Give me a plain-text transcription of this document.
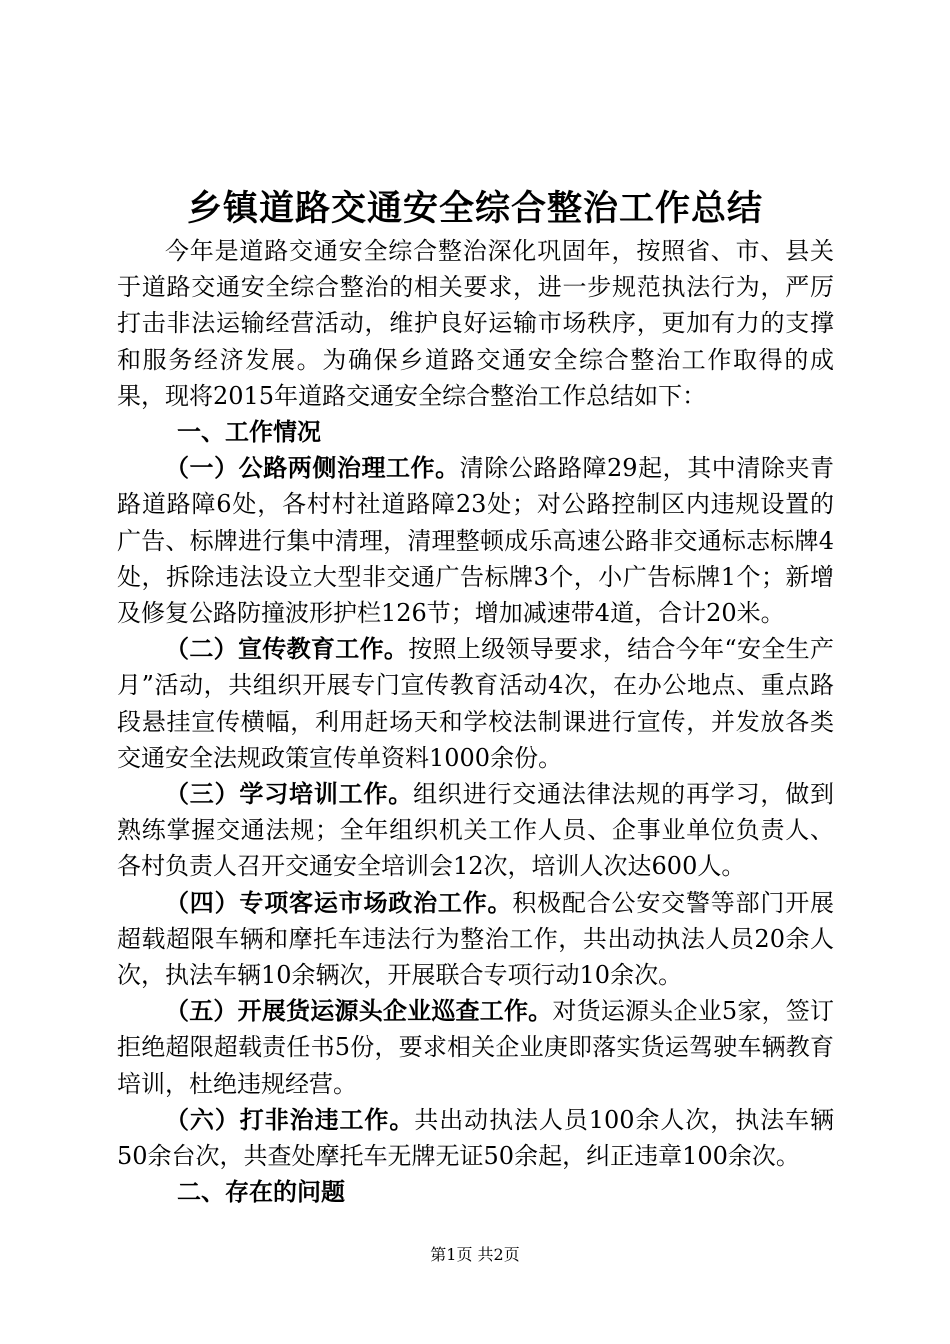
乡镇道路交通安全综合整治工作总结

今年是道路交通安全综合整治深化巩固年，按照省、市、县关于道路交通安全综合整治的相关要求，进一步规范执法行为，严厉打击非法运输经营活动，维护良好运输市场秩序，更加有力的支撑和服务经济发展。为确保乡道路交通安全综合整治工作取得的成果，现将2015年道路交通安全综合整治工作总结如下：

一、工作情况

（一）公路两侧治理工作。清除公路路障29起，其中清除夹青路道路障6处，各村村社道路障23处；对公路控制区内违规设置的广告、标牌进行集中清理，清理整顿成乐高速公路非交通标志标牌4处，拆除违法设立大型非交通广告标牌3个，小广告标牌1个；新增及修复公路防撞波形护栏126节；增加减速带4道，合计20米。

（二）宣传教育工作。按照上级领导要求，结合今年“安全生产月”活动，共组织开展专门宣传教育活动4次，在办公地点、重点路段悬挂宣传横幅，利用赶场天和学校法制课进行宣传，并发放各类交通安全法规政策宣传单资料1000余份。

（三）学习培训工作。组织进行交通法律法规的再学习，做到熟练掌握交通法规；全年组织机关工作人员、企事业单位负责人、各村负责人召开交通安全培训会12次，培训人次达600人。

（四）专项客运市场政治工作。积极配合公安交警等部门开展超载超限车辆和摩托车违法行为整治工作，共出动执法人员20余人次，执法车辆10余辆次，开展联合专项行动10余次。

（五）开展货运源头企业巡查工作。对货运源头企业5家，签订拒绝超限超载责任书5份，要求相关企业庚即落实货运驾驶车辆教育培训，杜绝违规经营。

（六）打非治违工作。共出动执法人员100余人次，执法车辆50余台次，共查处摩托车无牌无证50余起，纠正违章100余次。

二、存在的问题
第1页 共2页
